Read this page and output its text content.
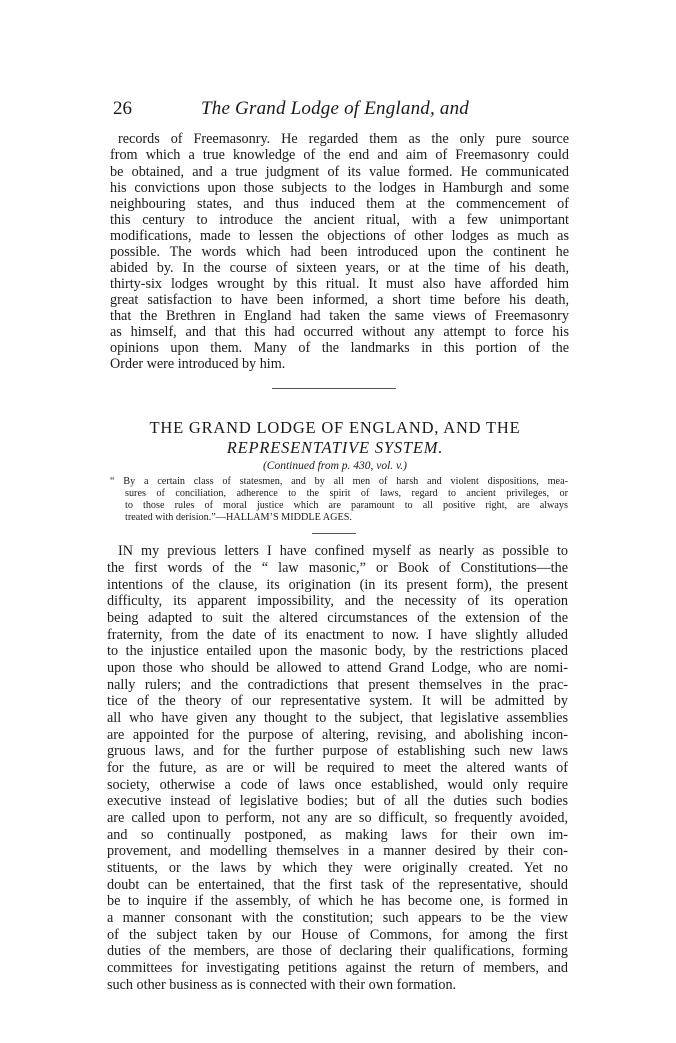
26	The Grand Lodge of England, and
records of Freemasonry. He regarded them as the only pure source
from which a true knowledge of the end and aim of Freemasonry could
be obtained, and a true judgment of its value formed. He communicated
his convictions upon those subjects to the lodges in Hamburgh and some
neighbouring states, and thus induced them at the commencement of
this century to introduce the ancient ritual, with a few unimportant
modifications, made to lessen the objections of other lodges as much as
possible. The words which had been introduced upon the continent he
abided by. In the course of sixteen years, or at the time of his death,
thirty-six lodges wrought by this ritual. It must also have afforded him
great satisfaction to have been informed, a short time before his death,
that the Brethren in England had taken the same views of Freemasonry
as himself, and that this had occurred without any attempt to force his
opinions upon them. Many of the landmarks in this portion of the
Order were introduced by him.
THE GRAND LODGE OF ENGLAND, AND THE
REPRESENTATIVE SYSTEM.
(Continued from p. 430, vol. v.)
“ By a certain class of statesmen, and by all men of harsh and violent dispositions, mea-
sures of conciliation, adherence to the spirit of laws, regard to ancient privileges, or
to those rules of moral justice which are paramount to all positive right, are always
treated with derision.”—HALLAM’S MIDDLE AGES.
IN my previous letters I have confined myself as nearly as possible to
the first words of the “ law masonic,” or Book of Constitutions—the
intentions of the clause, its origination (in its present form), the present
difficulty, its apparent impossibility, and the necessity of its operation
being adapted to suit the altered circumstances of the extension of the
fraternity, from the date of its enactment to now. I have slightly alluded
to the injustice entailed upon the masonic body, by the restrictions placed
upon those who should be allowed to attend Grand Lodge, who are nomi-
nally rulers; and the contradictions that present themselves in the prac-
tice of the theory of our representative system. It will be admitted by
all who have given any thought to the subject, that legislative assemblies
are appointed for the purpose of altering, revising, and abolishing incon-
gruous laws, and for the further purpose of establishing such new laws
for the future, as are or will be required to meet the altered wants of
society, otherwise a code of laws once established, would only require
executive instead of legislative bodies; but of all the duties such bodies
are called upon to perform, not any are so difficult, so frequently avoided,
and so continually postponed, as making laws for their own im-
provement, and modelling themselves in a manner desired by their con-
stituents, or the laws by which they were originally created. Yet no
doubt can be entertained, that the first task of the representative, should
be to inquire if the assembly, of which he has become one, is formed in
a manner consonant with the constitution; such appears to be the view
of the subject taken by our House of Commons, for among the first
duties of the members, are those of declaring their qualifications, forming
committees for investigating petitions against the return of members, and
such other business as is connected with their own formation.
